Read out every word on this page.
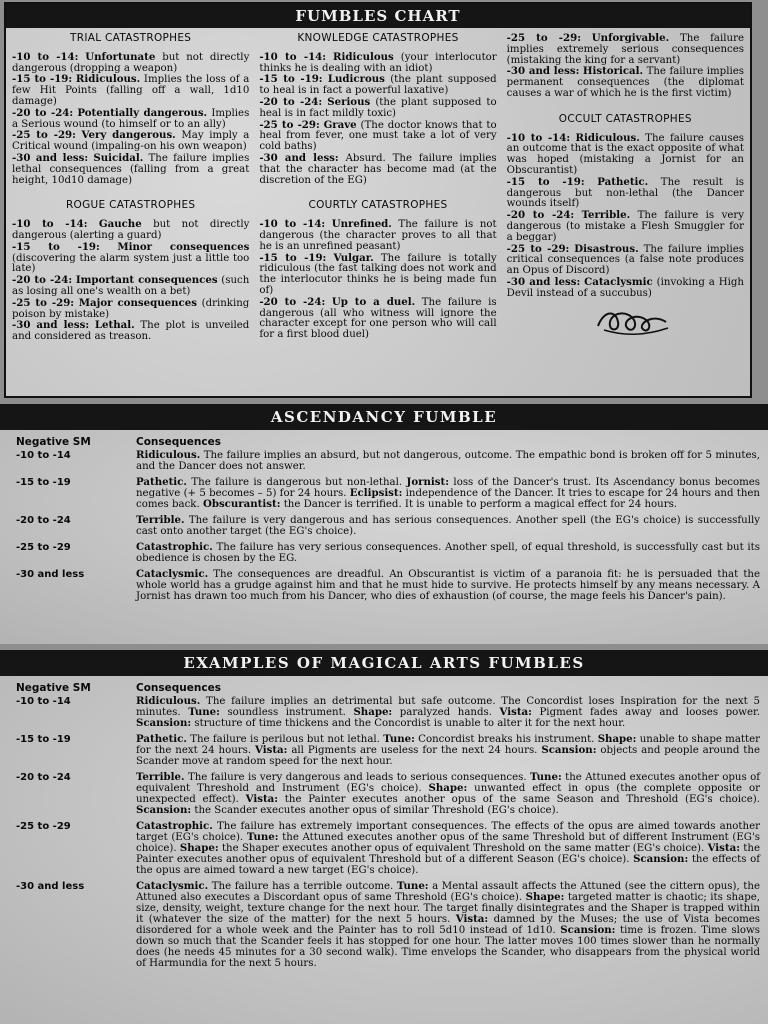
FUMBLES CHART
TRIAL CATASTROPHES
-10 to -14: Unfortunate but not directly dangerous (dropping a weapon)
-15 to -19: Ridiculous. Implies the loss of a few Hit Points (falling off a wall, 1d10 damage)
-20 to -24: Potentially dangerous. Implies a Serious wound (to himself or to an ally)
-25 to -29: Very dangerous. May imply a Critical wound (impaling-on his own weapon)
-30 and less: Suicidal. The failure implies lethal consequences (falling from a great height, 10d10 damage)
ROGUE CATASTROPHES
-10 to -14: Gauche but not directly dangerous (alerting a guard)
-15 to -19: Minor consequences (discovering the alarm system just a little too late)
-20 to -24: Important consequences (such as losing all one's wealth on a bet)
-25 to -29: Major consequences (drinking poison by mistake)
-30 and less: Lethal. The plot is unveiled and considered as treason.
KNOWLEDGE CATASTROPHES
-10 to -14: Ridiculous (your interlocutor thinks he is dealing with an idiot)
-15 to -19: Ludicrous (the plant supposed to heal is in fact a powerful laxative)
-20 to -24: Serious (the plant supposed to heal is in fact mildly toxic)
-25 to -29: Grave (The doctor knows that to heal from fever, one must take a lot of very cold baths)
-30 and less: Absurd. The failure implies that the character has become mad (at the discretion of the EG)
COURTLY CATASTROPHES
-10 to -14: Unrefined. The failure is not dangerous (the character proves to all that he is an unrefined peasant)
-15 to -19: Vulgar. The failure is totally ridiculous (the fast talking does not work and the interlocutor thinks he is being made fun of)
-20 to -24: Up to a duel. The failure is dangerous (all who witness will ignore the character except for one person who will call for a first blood duel)
-25 to -29: Unforgivable. The failure implies extremely serious consequences (mistaking the king for a servant)
-30 and less: Historical. The failure implies permanent consequences (the diplomat causes a war of which he is the first victim)
OCCULT CATASTROPHES
-10 to -14: Ridiculous. The failure causes an outcome that is the exact opposite of what was hoped (mistaking a Jornist for an Obscurantist)
-15 to -19: Pathetic. The result is dangerous but non-lethal (the Dancer wounds itself)
-20 to -24: Terrible. The failure is very dangerous (to mistake a Flesh Smuggler for a beggar)
-25 to -29: Disastrous. The failure implies critical consequences (a false note produces an Opus of Discord)
-30 and less: Cataclysmic (invoking a High Devil instead of a succubus)
ASCENDANCY FUMBLE
Negative SM	Consequences
-10 to -14	Ridiculous. The failure implies an absurd, but not dangerous, outcome. The empathic bond is broken off for 5 minutes, and the Dancer does not answer.
-15 to -19	Pathetic. The failure is dangerous but non-lethal. Jornist: loss of the Dancer's trust. Its Ascendancy bonus becomes negative (+ 5 becomes – 5) for 24 hours. Eclipsist: independence of the Dancer. It tries to escape for 24 hours and then comes back. Obscurantist: the Dancer is terrified. It is unable to perform a magical effect for 24 hours.
-20 to -24	Terrible. The failure is very dangerous and has serious consequences. Another spell (the EG's choice) is successfully cast onto another target (the EG's choice).
-25 to -29	Catastrophic. The failure has very serious consequences. Another spell, of equal threshold, is successfully cast but its obedience is chosen by the EG.
-30 and less	Cataclysmic. The consequences are dreadful. An Obscurantist is victim of a paranoia fit: he is persuaded that the whole world has a grudge against him and that he must hide to survive. He protects himself by any means necessary. A Jornist has drawn too much from his Dancer, who dies of exhaustion (of course, the mage feels his Dancer's pain).
EXAMPLES OF MAGICAL ARTS FUMBLES
Negative SM	Consequences
-10 to -14	Ridiculous. The failure implies an detrimental but safe outcome. The Concordist loses Inspiration for the next 5 minutes. Tune: soundless instrument. Shape: paralyzed hands. Vista: Pigment fades away and looses power. Scansion: structure of time thickens and the Concordist is unable to alter it for the next hour.
-15 to -19	Pathetic. The failure is perilous but not lethal. Tune: Concordist breaks his instrument. Shape: unable to shape matter for the next 24 hours. Vista: all Pigments are useless for the next 24 hours. Scansion: objects and people around the Scander move at random speed for the next hour.
-20 to -24	Terrible. The failure is very dangerous and leads to serious consequences. Tune: the Attuned executes another opus of equivalent Threshold and Instrument (EG's choice). Shape: unwanted effect in opus (the complete opposite or unexpected effect). Vista: the Painter executes another opus of the same Season and Threshold (EG's choice). Scansion: the Scander executes another opus of similar Threshold (EG's choice).
-25 to -29	Catastrophic. The failure has extremely important consequences. The effects of the opus are aimed towards another target (EG's choice). Tune: the Attuned executes another opus of the same Threshold but of different Instrument (EG's choice). Shape: the Shaper executes another opus of equivalent Threshold on the same matter (EG's choice). Vista: the Painter executes another opus of equivalent Threshold but of a different Season (EG's choice). Scansion: the effects of the opus are aimed toward a new target (EG's choice).
-30 and less	Cataclysmic. The failure has a terrible outcome. Tune: a Mental assault affects the Attuned (see the cittern opus), the Attuned also executes a Discordant opus of same Threshold (EG's choice). Shape: targeted matter is chaotic; its shape, size, density, weight, texture change for the next hour. The target finally disintegrates and the Shaper is trapped within it (whatever the size of the matter) for the next 5 hours. Vista: damned by the Muses; the use of Vista becomes disordered for a whole week and the Painter has to roll 5d10 instead of 1d10. Scansion: time is frozen. Time slows down so much that the Scander feels it has stopped for one hour. The latter moves 100 times slower than he normally does (he needs 45 minutes for a 30 second walk). Time envelops the Scander, who disappears from the physical world of Harmundia for the next 5 hours.
